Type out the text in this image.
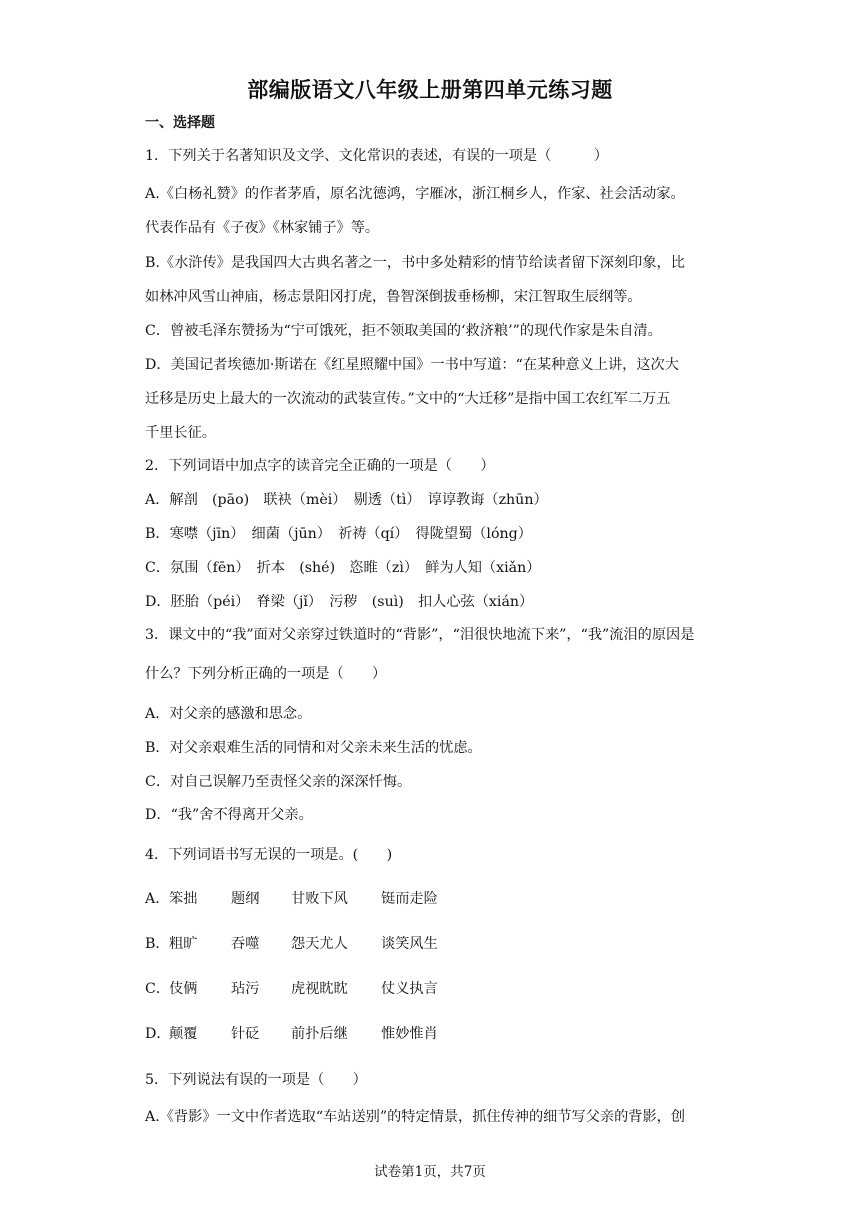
部编版语文八年级上册第四单元练习题
一、选择题
1．下列关于名著知识及文学、文化常识的表述，有误的一项是（　　　）
A.《白杨礼赞》的作者茅盾，原名沈德鸿，字雁冰，浙江桐乡人，作家、社会活动家。
代表作品有《子夜》《林家铺子》等。
B.《水浒传》是我国四大古典名著之一，书中多处精彩的情节给读者留下深刻印象，比
如林冲风雪山神庙，杨志景阳冈打虎，鲁智深倒拔垂杨柳，宋江智取生辰纲等。
C．曾被毛泽东赞扬为“宁可饿死，拒不领取美国的‘救济粮’”的现代作家是朱自清。
D．美国记者埃德加·斯诺在《红星照耀中国》一书中写道：“在某种意义上讲，这次大
迁移是历史上最大的一次流动的武装宣传。”文中的“大迁移”是指中国工农红军二万五
千里长征。
2．下列词语中加点字的读音完全正确的一项是（　　）
A．解剖　(pāo)　联袂（mèi）　剔透（tì）　谆谆教诲（zhūn）
B．寒噤（jīn）　细菌（jūn）　祈祷（qí）　得陇望蜀（lóng）
C．氛围（fēn）　折本　(shé)　恣睢（zì）　鲜为人知（xiǎn）
D．胚胎（péi）　脊梁（jǐ）　污秽　(suì)　扣人心弦（xián）
3．课文中的“我”面对父亲穿过铁道时的“背影”，“泪很快地流下来”，“我”流泪的原因是
什么？下列分析正确的一项是（　　）
A．对父亲的感激和思念。
B．对父亲艰难生活的同情和对父亲未来生活的忧虑。
C．对自己误解乃至责怪父亲的深深忏悔。
D．“我”舍不得离开父亲。
4．下列词语书写无误的一项是。(　　)
A． 笨拙 题纲 甘败下风 铤而走险
B． 粗旷 吞噬 怨天尤人 谈笑风生
C．
伎俩 玷污 虎视眈眈 仗义执言
D．
颠覆 针砭 前扑后继 惟妙惟肖
5．下列说法有误的一项是（　　）
A.《背影》一文中作者选取“车站送别”的特定情景，抓住传神的细节写父亲的背影，创
试卷第1页，共7页
